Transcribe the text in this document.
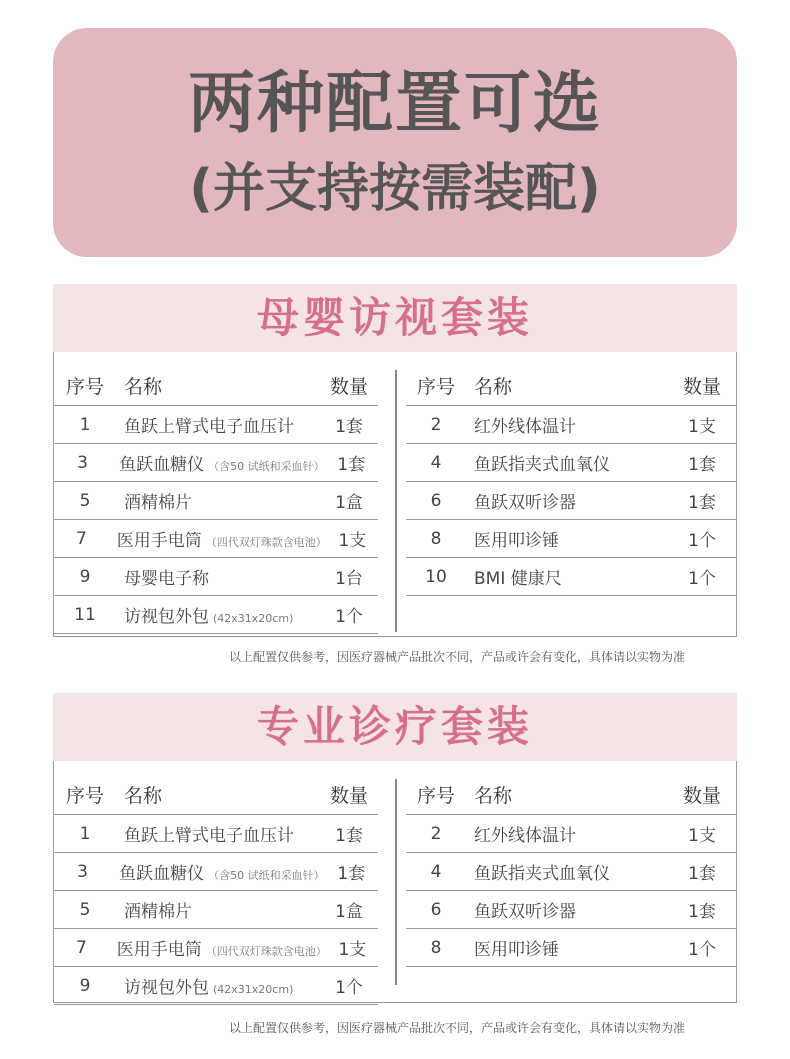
两种配置可选
(并支持按需装配)
母婴访视套装
序号	名称	数量
1	鱼跃上臂式电子血压计	1套
3	鱼跃血糖仪 （含50 试纸和采血针） 1套
5	酒精棉片	1盒
7	医用手电筒 （四代双灯珠款含电池） 1支
9	母婴电子称	1台
11	访视包外包 (42x31x20cm)	1个
序号	名称	数量
2	红外线体温计	1支
4	鱼跃指夹式血氧仪	1套
6	鱼跃双听诊器	1套
8	医用叩诊锤	1个
10	BMI 健康尺	1个
以上配置仅供参考，因医疗器械产品批次不同，产品或许会有变化，具体请以实物为准
专业诊疗套装
序号	名称	数量
1	鱼跃上臂式电子血压计	1套
3	鱼跃血糖仪 （含50 试纸和采血针） 1套
5	酒精棉片	1盒
7	医用手电筒 （四代双灯珠款含电池） 1支
9	访视包外包 (42x31x20cm)	1个
序号	名称	数量
2	红外线体温计	1支
4	鱼跃指夹式血氧仪	1套
6	鱼跃双听诊器	1套
8	医用叩诊锤	1个
以上配置仅供参考，因医疗器械产品批次不同，产品或许会有变化，具体请以实物为准
